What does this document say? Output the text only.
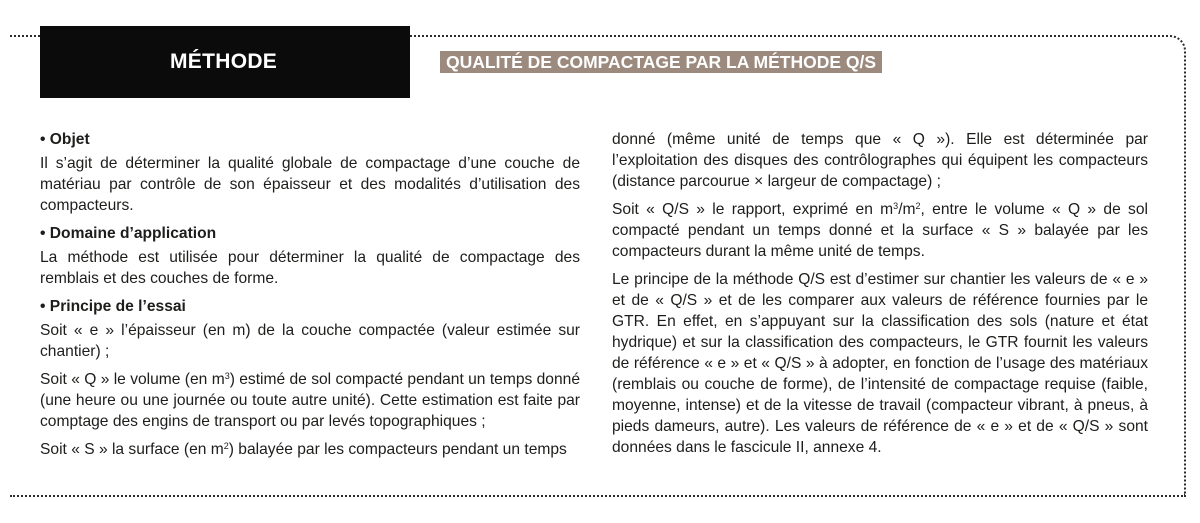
MÉTHODE	QUALITÉ DE COMPACTAGE PAR LA MÉTHODE Q/S
• Objet

Il s’agit de déterminer la qualité globale de compactage d’une couche de matériau par contrôle de son épaisseur et des modalités d’utilisation des compacteurs.

• Domaine d’application

La méthode est utilisée pour déterminer la qualité de compactage des remblais et des couches de forme.

• Principe de l’essai

Soit « e » l’épaisseur (en m) de la couche compactée (valeur estimée sur chantier) ;

Soit « Q » le volume (en $m^3$) estimé de sol compacté pendant un temps donné (une heure ou une journée ou toute autre unité). Cette estimation est faite par comptage des engins de transport ou par levés topographiques ;

Soit « S » la surface (en $m^2$) balayée par les compacteurs pendant un temps

donné (même unité de temps que « Q »). Elle est déterminée par l’exploitation des disques des contrôlographes qui équipent les compacteurs (distance parcourue × largeur de compactage) ;

Soit « Q/S » le rapport, exprimé en $m^3/m^2$, entre le volume « Q » de sol compacté pendant un temps donné et la surface « S » balayée par les compacteurs durant la même unité de temps.

Le principe de la méthode Q/S est d’estimer sur chantier les valeurs de « e » et de « Q/S » et de les comparer aux valeurs de référence fournies par le GTR. En effet, en s’appuyant sur la classification des sols (nature et état hydrique) et sur la classification des compacteurs, le GTR fournit les valeurs de référence « e » et « Q/S » à adopter, en fonction de l’usage des matériaux (remblais ou couche de forme), de l’intensité de compactage requise (faible, moyenne, intense) et de la vitesse de travail (compacteur vibrant, à pneus, à pieds dameurs, autre). Les valeurs de référence de « e » et de « Q/S » sont données dans le fascicule II, annexe 4.
